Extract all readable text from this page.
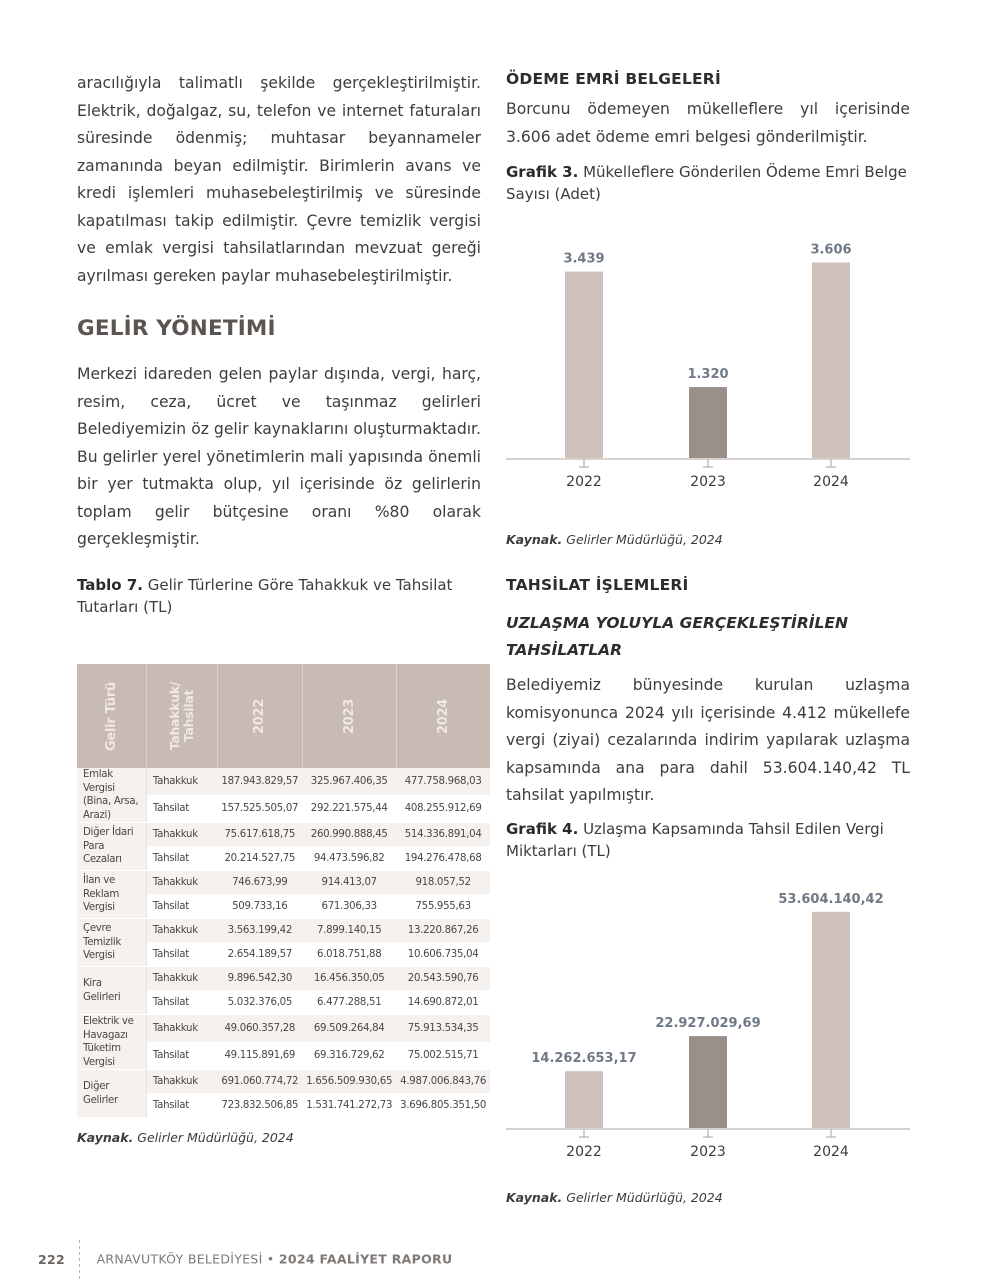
aracılığıyla talimatlı şekilde gerçekleştirilmiştir. Elektrik, doğalgaz, su, telefon ve internet faturaları süresinde ödenmiş; muhtasar beyannameler zamanında beyan edilmiştir. Birimlerin avans ve kredi işlemleri muhasebeleştirilmiş ve süresinde kapatılması takip edilmiştir. Çevre temizlik vergisi ve emlak vergisi tahsilatlarından mevzuat gereği ayrılması gereken paylar muhasebeleştirilmiştir.

GELİR YÖNETİMİ

Merkezi idareden gelen paylar dışında, vergi, harç, resim, ceza, ücret ve taşınmaz gelirleri Belediyemizin öz gelir kaynaklarını oluşturmaktadır. Bu gelirler yerel yönetimlerin mali yapısında önemli bir yer tutmakta olup, yıl içerisinde öz gelirlerin toplam gelir bütçesine oranı %80 olarak gerçekleşmiştir.

Tablo 7. Gelir Türlerine Göre Tahakkuk ve Tahsilat Tutarları (TL)

Gelir Türü	Tahakkuk/ Tahsilat	2022	2023	2024
Emlak Vergisi (Bina, Arsa, Arazi)	Tahakkuk	187.943.829,57	325.967.406,35	477.758.968,03
	Tahsilat	157.525.505,07	292.221.575,44	408.255.912,69
Diğer İdari Para Cezaları	Tahakkuk	75.617.618,75	260.990.888,45	514.336.891,04
	Tahsilat	20.214.527,75	94.473.596,82	194.276.478,68
İlan ve Reklam Vergisi	Tahakkuk	746.673,99	914.413,07	918.057,52
	Tahsilat	509.733,16	671.306,33	755.955,63
Çevre Temizlik Vergisi	Tahakkuk	3.563.199,42	7.899.140,15	13.220.867,26
	Tahsilat	2.654.189,57	6.018.751,88	10.606.735,04
Kira Gelirleri	Tahakkuk	9.896.542,30	16.456.350,05	20.543.590,76
	Tahsilat	5.032.376,05	6.477.288,51	14.690.872,01
Elektrik ve Havagazı Tüketim Vergisi	Tahakkuk	49.060.357,28	69.509.264,84	75.913.534,35
	Tahsilat	49.115.891,69	69.316.729,62	75.002.515,71
Diğer Gelirler	Tahakkuk	691.060.774,72	1.656.509.930,65	4.987.006.843,76
	Tahsilat	723.832.506,85	1.531.741.272,73	3.696.805.351,50

Kaynak. Gelirler Müdürlüğü, 2024

ÖDEME EMRİ BELGELERİ

Borcunu ödemeyen mükelleflere yıl içerisinde 3.606 adet ödeme emri belgesi gönderilmiştir.

Grafik 3. Mükelleflere Gönderilen Ödeme Emri Belge Sayısı (Adet)

3.439
1.320
3.606
2022	2023	2024

Kaynak. Gelirler Müdürlüğü, 2024

TAHSİLAT İŞLEMLERİ
UZLAŞMA YOLUYLA GERÇEKLEŞTİRİLEN TAHSİLATLAR

Belediyemiz bünyesinde kurulan uzlaşma komisyonunca 2024 yılı içerisinde 4.412 mükellefe vergi (ziyai) cezalarında indirim yapılarak uzlaşma kapsamında ana para dahil 53.604.140,42 TL tahsilat yapılmıştır.

Grafik 4. Uzlaşma Kapsamında Tahsil Edilen Vergi Miktarları (TL)

14.262.653,17
22.927.029,69
53.604.140,42
2022	2023	2024

Kaynak. Gelirler Müdürlüğü, 2024

222	ARNAVUTKÖY BELEDİYESİ • 2024 FAALİYET RAPORU
